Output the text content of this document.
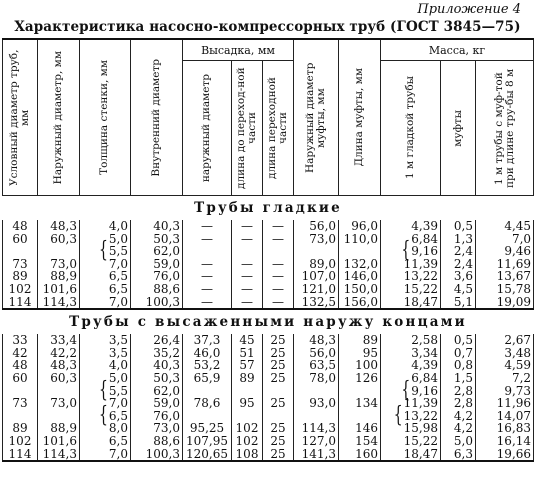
Приложение 4
Характеристика насосно-компрессорных труб (ГОСТ 3845—75)
Условный диаметр труб, мм	Наружный диаметр, мм	Толщина стенки, мм	Внутренний диаметр	Высадка, мм			Наружный диаметр муфты, мм	Длина муфты, мм	Масса, кг		

				наружный диаметр	длина до переход-ной части	длина переходной части			1 м гладкой трубы	муфты	1 м трубы с муф-той при длине тру-бы 8 м

Трубы гладкие											
48	48,3	4,0	40,3	—	—	—	56,0	96,0	4,39	0,5	4,45
60	60,3	5,0	50,3	—	—	—	73,0	110,0	6,84	1,3	7,0
		{5,5	62,0						{9,16	2,4	9,46
73	73,0	7,0	59,0	—	—	—	89,0	132,0	11,39	2,4	11,69
89	88,9	6,5	76,0	—	—	—	107,0	146,0	13,22	3,6	13,67
102	101,6	6,5	88,6	—	—	—	121,0	150,0	15,22	4,5	15,78
114	114,3	7,0	100,3	—	—	—	132,5	156,0	18,47	5,1	19,09
Трубы с высаженными наружу концами											
33	33,4	3,5	26,4	37,3	45	25	48,3	89	2,58	0,5	2,67
42	42,2	3,5	35,2	46,0	51	25	56,0	95	3,34	0,7	3,48
48	48,3	4,0	40,3	53,2	57	25	63,5	100	4,39	0,8	4,59
60	60,3	5,0	50,3	65,9	89	25	78,0	126	6,84	1,5	7,2
		{5,5	62,0						{9,16	2,8	9,73
73	73,0	7,0	59,0	78,6	95	25	93,0	134	11,39	2,8	11,96
		{6,5	76,0						{13,22	4,2	14,07
89	88,9	8,0	73,0	95,25	102	25	114,3	146	15,98	4,2	16,83
102	101,6	6,5	88,6	107,95	102	25	127,0	154	15,22	5,0	16,14
114	114,3	7,0	100,3	120,65	108	25	141,3	160	18,47	6,3	19,66
